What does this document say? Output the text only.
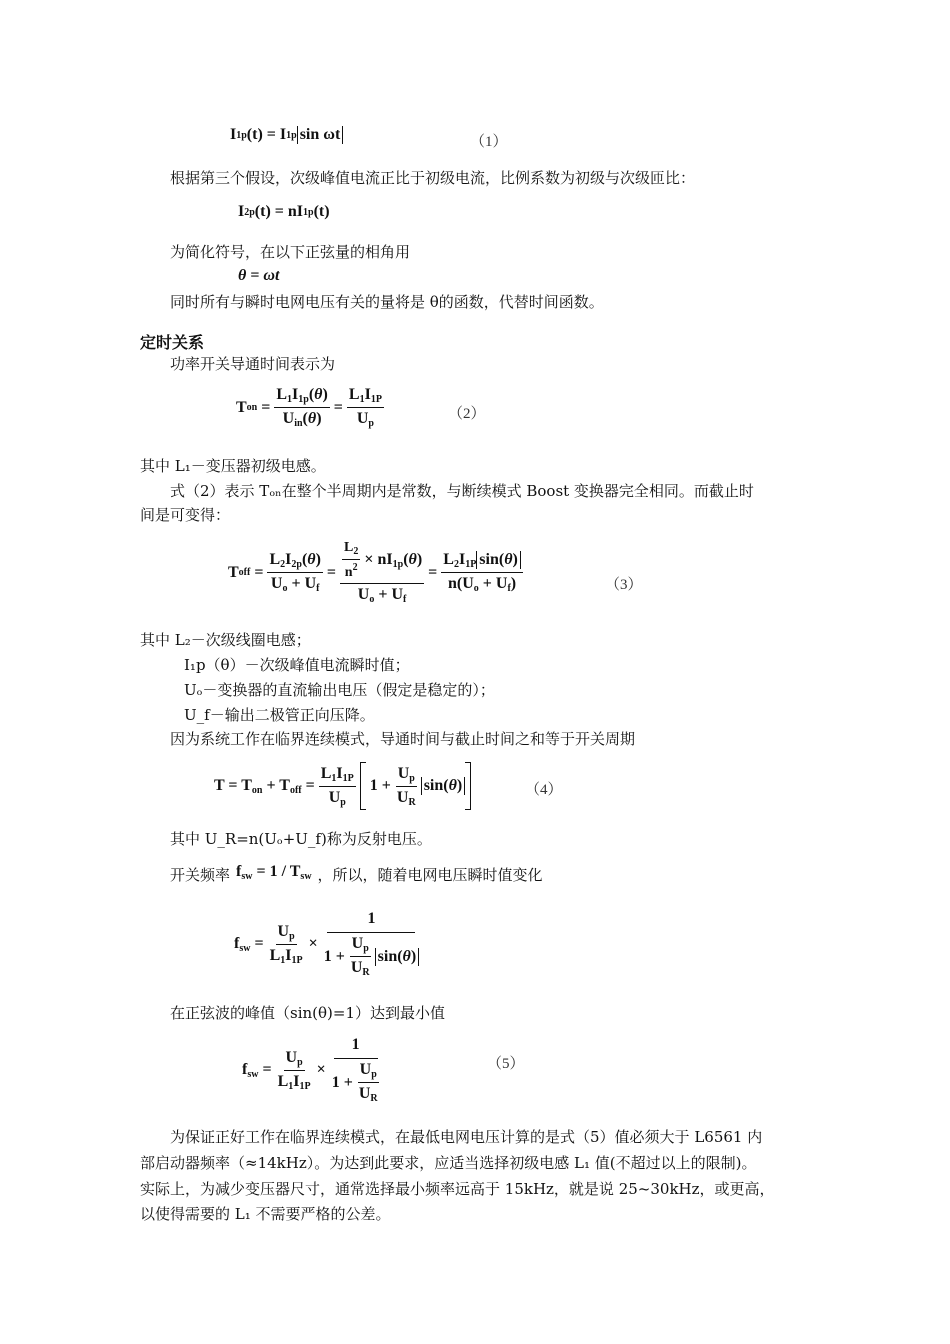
I 1p (t) = I 1p sin ωt	（1）
根据第三个假设，次级峰值电流正比于初级电流，比例系数为初级与次级匝比：
I 2p (t) = nI 1p (t)
为简化符号，在以下正弦量的相角用
θ = ωt
同时所有与瞬时电网电压有关的量将是 θ的函数，代替时间函数。
定时关系
功率开关导通时间表示为
T on = $\frac{L_1I_{1p}(\theta)}{U_{in}(\theta)} = \frac{L_1I_{1P}}{U_p}$	（2）
其中 L₁－变压器初级电感。
式（2）表示 Tₒₙ在整个半周期内是常数，与断续模式 Boost 变换器完全相同。而截止时
间是可变得：
T off = $\frac{L_2I_{2p}(\theta)}{U_o + U_f} = \frac{\frac{L_2}{n^2} \times nI_{1p}(\theta)}{U_o + U_f} = \frac{L_2I_{1P} \sin(\theta)}{n(U_o + U_f)}$	（3）
其中 L₂－次级线圈电感；
I₁p（θ）－次级峰值电流瞬时值；
Uₒ－变换器的直流输出电压（假定是稳定的）；
U_f－输出二极管正向压降。
因为系统工作在临界连续模式，导通时间与截止时间之和等于开关周期
$T = T_{on} + T_{off} = \frac{L_1I_{1P}}{U_p} 1 + \frac{U_p}{U_R} \sin(\theta)$	（4）
其中 U_R=n(Uₒ+U_f)称为反射电压。
开关频率 $f_{sw} = 1 / T_{sw}$ ，所以，随着电网电压瞬时值变化
$f_{sw} = \frac{U_p}{L_1I_{1P}} \times \frac{1}{1 + \frac{U_p}{U_R} \sin(\theta)}$
在正弦波的峰值（sin(θ)=1）达到最小值
$f_{sw} = \frac{U_p}{L_1I_{1P}} \times \frac{1}{1 + \frac{U_p}{U_R}}$	（5）
为保证正好工作在临界连续模式，在最低电网电压计算的是式（5）值必须大于 L6561 内
部启动器频率（≈14kHz）。为达到此要求，应适当选择初级电感 L₁ 值(不超过以上的限制)。
实际上，为减少变压器尺寸，通常选择最小频率远高于 15kHz，就是说 25~30kHz，或更高，
以使得需要的 L₁ 不需要严格的公差。
